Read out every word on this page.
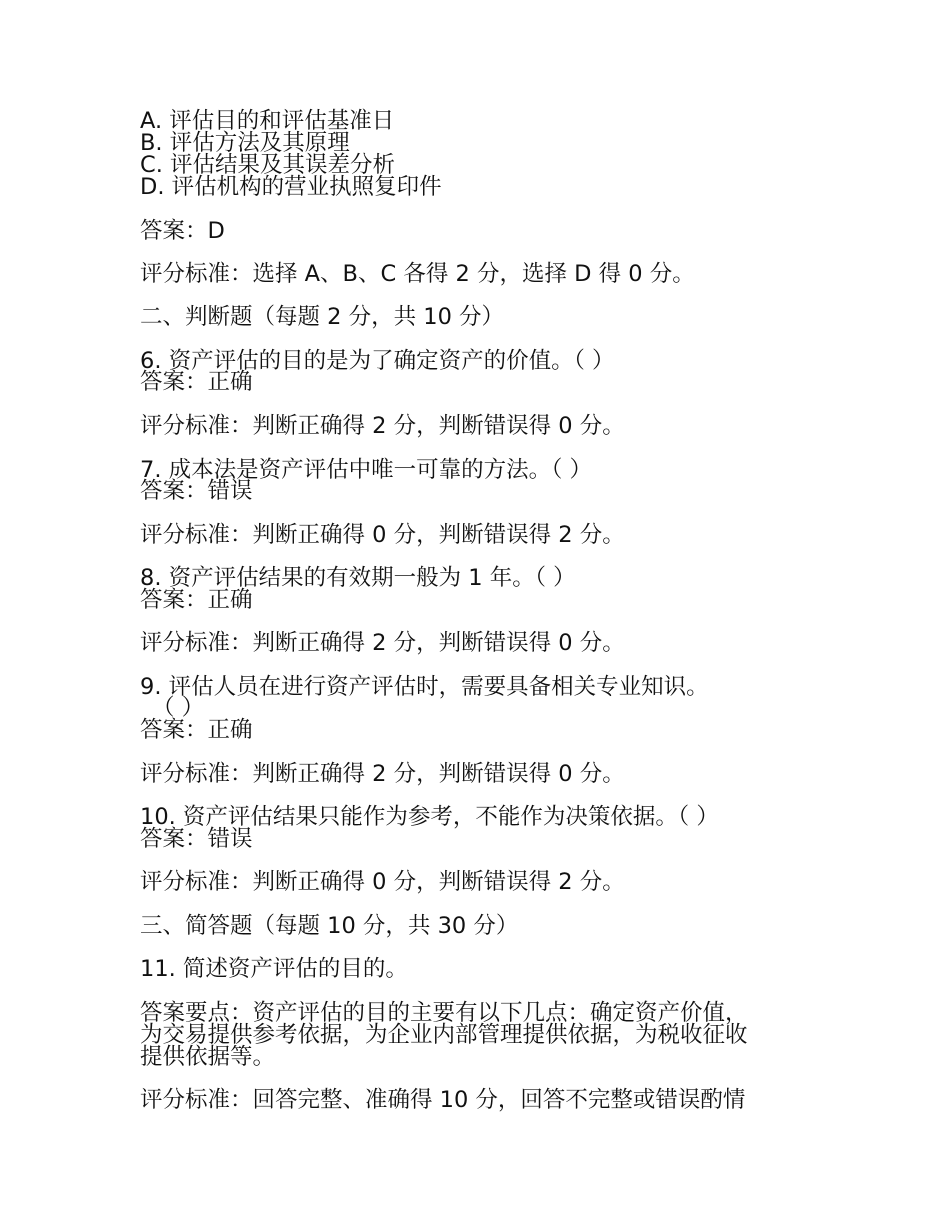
A. 评估目的和评估基准日

B. 评估方法及其原理

C. 评估结果及其误差分析

D. 评估机构的营业执照复印件

答案：D

评分标准：选择 A、B、C 各得 2 分，选择 D 得 0 分。

二、判断题（每题 2 分，共 10 分）

6. 资产评估的目的是为了确定资产的价值。（ ）

答案：正确

评分标准：判断正确得 2 分，判断错误得 0 分。

7. 成本法是资产评估中唯一可靠的方法。（ ）

答案：错误

评分标准：判断正确得 0 分，判断错误得 2 分。

8. 资产评估结果的有效期一般为 1 年。（ ）

答案：正确

评分标准：判断正确得 2 分，判断错误得 0 分。

9. 评估人员在进行资产评估时，需要具备相关专业知识。

（ ）

答案：正确

评分标准：判断正确得 2 分，判断错误得 0 分。

10. 资产评估结果只能作为参考，不能作为决策依据。（ ）

答案：错误

评分标准：判断正确得 0 分，判断错误得 2 分。

三、简答题（每题 10 分，共 30 分）

11. 简述资产评估的目的。

答案要点：资产评估的目的主要有以下几点：确定资产价值，

为交易提供参考依据，为企业内部管理提供依据，为税收征收

提供依据等。

评分标准：回答完整、准确得 10 分，回答不完整或错误酌情
